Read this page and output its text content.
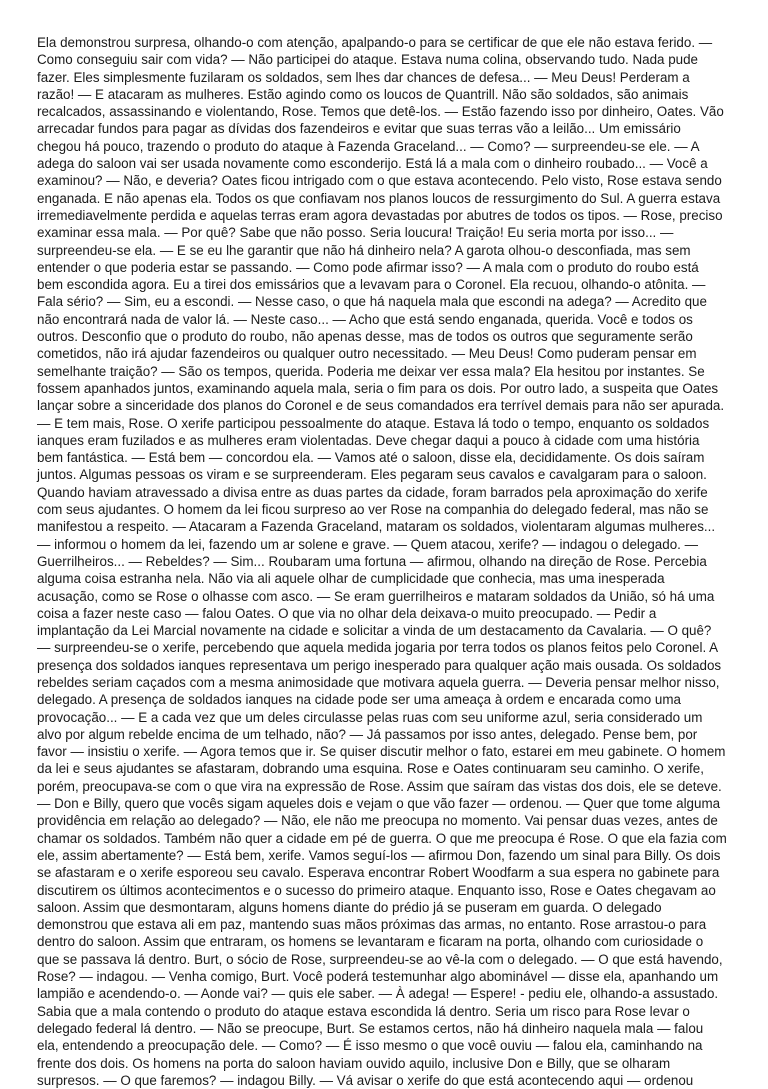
Ela demonstrou surpresa, olhando-o com atenção, apalpando-o para se certificar de que ele não estava ferido. — Como conseguiu sair com vida? — Não participei do ataque. Estava numa colina, observando tudo. Nada pude fazer. Eles simplesmente fuzilaram os soldados, sem lhes dar chances de defesa... — Meu Deus! Perderam a razão! — E atacaram as mulheres. Estão agindo como os loucos de Quantrill. Não são soldados, são animais recalcados, assassinando e violentando, Rose. Temos que detê-los. — Estão fazendo isso por dinheiro, Oates. Vão arrecadar fundos para pagar as dívidas dos fazendeiros e evitar que suas terras vão a leilão... Um emissário chegou há pouco, trazendo o produto do ataque à Fazenda Graceland... — Como? — surpreendeu-se ele. — A adega do saloon vai ser usada novamente como esconderijo. Está lá a mala com o dinheiro roubado... — Você a examinou? — Não, e deveria? Oates ficou intrigado com o que estava acontecendo. Pelo visto, Rose estava sendo enganada. E não apenas ela. Todos os que confiavam nos planos loucos de ressurgimento do Sul. A guerra estava irremediavelmente perdida e aquelas terras eram agora devastadas por abutres de todos os tipos. — Rose, preciso examinar essa mala. — Por quê? Sabe que não posso. Seria loucura! Traição! Eu seria morta por isso... — surpreendeu-se ela. — E se eu lhe garantir que não há dinheiro nela? A garota olhou-o desconfiada, mas sem entender o que poderia estar se passando. — Como pode afirmar isso? — A mala com o produto do roubo está bem escondida agora. Eu a tirei dos emissários que a levavam para o Coronel. Ela recuou, olhando-o atônita. — Fala sério? — Sim, eu a escondi. — Nesse caso, o que há naquela mala que escondi na adega? — Acredito que não encontrará nada de valor lá. — Neste caso... — Acho que está sendo enganada, querida. Você e todos os outros. Desconfio que o produto do roubo, não apenas desse, mas de todos os outros que seguramente serão cometidos, não irá ajudar fazendeiros ou qualquer outro necessitado. — Meu Deus! Como puderam pensar em semelhante traição? — São os tempos, querida. Poderia me deixar ver essa mala? Ela hesitou por instantes. Se fossem apanhados juntos, examinando aquela mala, seria o fim para os dois. Por outro lado, a suspeita que Oates lançar sobre a sinceridade dos planos do Coronel e de seus comandados era terrível demais para não ser apurada. — E tem mais, Rose. O xerife participou pessoalmente do ataque. Estava lá todo o tempo, enquanto os soldados ianques eram fuzilados e as mulheres eram violentadas. Deve chegar daqui a pouco à cidade com uma história bem fantástica. — Está bem — concordou ela. — Vamos até o saloon, disse ela, decididamente. Os dois saíram juntos. Algumas pessoas os viram e se surpreenderam. Eles pegaram seus cavalos e cavalgaram para o saloon. Quando haviam atravessado a divisa entre as duas partes da cidade, foram barrados pela aproximação do xerife com seus ajudantes. O homem da lei ficou surpreso ao ver Rose na companhia do delegado federal, mas não se manifestou a respeito. — Atacaram a Fazenda Graceland, mataram os soldados, violentaram algumas mulheres... — informou o homem da lei, fazendo um ar solene e grave. — Quem atacou, xerife? — indagou o delegado. — Guerrilheiros... — Rebeldes? — Sim... Roubaram uma fortuna — afirmou, olhando na direção de Rose. Percebia alguma coisa estranha nela. Não via ali aquele olhar de cumplicidade que conhecia, mas uma inesperada acusação, como se Rose o olhasse com asco. — Se eram guerrilheiros e mataram soldados da União, só há uma coisa a fazer neste caso — falou Oates. O que via no olhar dela deixava-o muito preocupado. — Pedir a implantação da Lei Marcial novamente na cidade e solicitar a vinda de um destacamento da Cavalaria. — O quê? — surpreendeu-se o xerife, percebendo que aquela medida jogaria por terra todos os planos feitos pelo Coronel. A presença dos soldados ianques representava um perigo inesperado para qualquer ação mais ousada. Os soldados rebeldes seriam caçados com a mesma animosidade que motivara aquela guerra. — Deveria pensar melhor nisso, delegado. A presença de soldados ianques na cidade pode ser uma ameaça à ordem e encarada como uma provocação... — E a cada vez que um deles circulasse pelas ruas com seu uniforme azul, seria considerado um alvo por algum rebelde encima de um telhado, não? — Já passamos por isso antes, delegado. Pense bem, por favor — insistiu o xerife. — Agora temos que ir. Se quiser discutir melhor o fato, estarei em meu gabinete. O homem da lei e seus ajudantes se afastaram, dobrando uma esquina. Rose e Oates continuaram seu caminho. O xerife, porém, preocupava-se com o que vira na expressão de Rose. Assim que saíram das vistas dos dois, ele se deteve. — Don e Billy, quero que vocês sigam aqueles dois e vejam o que vão fazer — ordenou. — Quer que tome alguma providência em relação ao delegado? — Não, ele não me preocupa no momento. Vai pensar duas vezes, antes de chamar os soldados. Também não quer a cidade em pé de guerra. O que me preocupa é Rose. O que ela fazia com ele, assim abertamente? — Está bem, xerife. Vamos seguí-los — afirmou Don, fazendo um sinal para Billy. Os dois se afastaram e o xerife esporeou seu cavalo. Esperava encontrar Robert Woodfarm a sua espera no gabinete para discutirem os últimos acontecimentos e o sucesso do primeiro ataque. Enquanto isso, Rose e Oates chegavam ao saloon. Assim que desmontaram, alguns homens diante do prédio já se puseram em guarda. O delegado demonstrou que estava ali em paz, mantendo suas mãos próximas das armas, no entanto. Rose arrastou-o para dentro do saloon. Assim que entraram, os homens se levantaram e ficaram na porta, olhando com curiosidade o que se passava lá dentro. Burt, o sócio de Rose, surpreendeu-se ao vê-la com o delegado. — O que está havendo, Rose? — indagou. — Venha comigo, Burt. Você poderá testemunhar algo abominável — disse ela, apanhando um lampião e acendendo-o. — Aonde vai? — quis ele saber. — À adega! — Espere! - pediu ele, olhando-a assustado. Sabia que a mala contendo o produto do ataque estava escondida lá dentro. Seria um risco para Rose levar o delegado federal lá dentro. — Não se preocupe, Burt. Se estamos certos, não há dinheiro naquela mala — falou ela, entendendo a preocupação dele. — Como? — É isso mesmo o que você ouviu — falou ela, caminhando na frente dos dois. Os homens na porta do saloon haviam ouvido aquilo, inclusive Don e Billy, que se olharam surpresos. — O que faremos? — indagou Billy. — Vá avisar o xerife do que está acontecendo aqui — ordenou
